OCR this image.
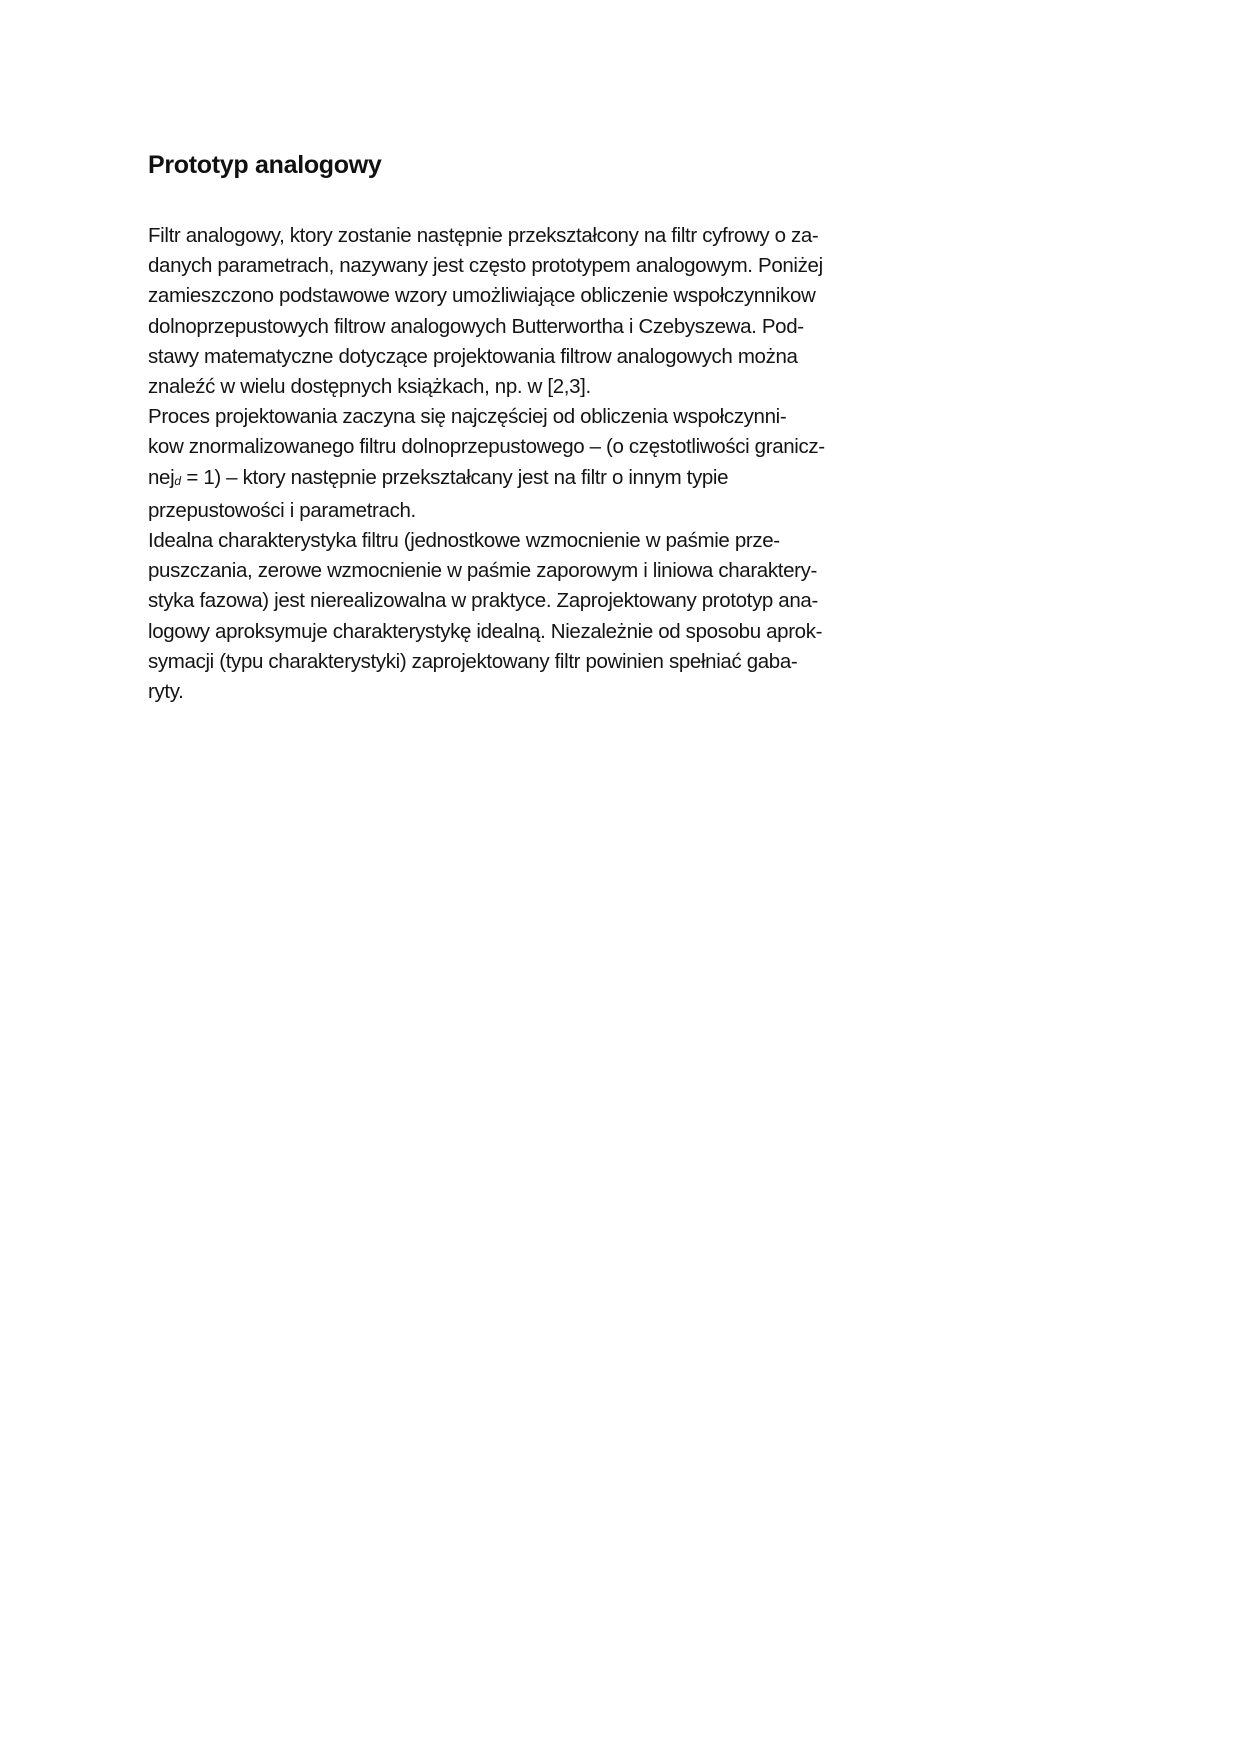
Prototyp analogowy
Filtr analogowy, ktory zostanie następnie przekształcony na filtr cyfrowy o za-
danych parametrach, nazywany jest często prototypem analogowym. Poniżej
zamieszczono podstawowe wzory umożliwiające obliczenie wspołczynnikow
dolnoprzepustowych filtrow analogowych Butterwortha i Czebyszewa. Pod-
stawy matematyczne dotyczące projektowania filtrow analogowych można
znaleźć w wielu dostępnych książkach, np. w [2,3].
Proces projektowania zaczyna się najczęściej od obliczenia wspołczynni-
kow znormalizowanego filtru dolnoprzepustowego – (o częstotliwości granicz-
nejd = 1) – ktory następnie przekształcany jest na filtr o innym typie
przepustowości i parametrach.
Idealna charakterystyka filtru (jednostkowe wzmocnienie w paśmie prze-
puszczania, zerowe wzmocnienie w paśmie zaporowym i liniowa charaktery-
styka fazowa) jest nierealizowalna w praktyce. Zaprojektowany prototyp ana-
logowy aproksymuje charakterystykę idealną. Niezależnie od sposobu aprok-
symacji (typu charakterystyki) zaprojektowany filtr powinien spełniać gaba-
ryty.
